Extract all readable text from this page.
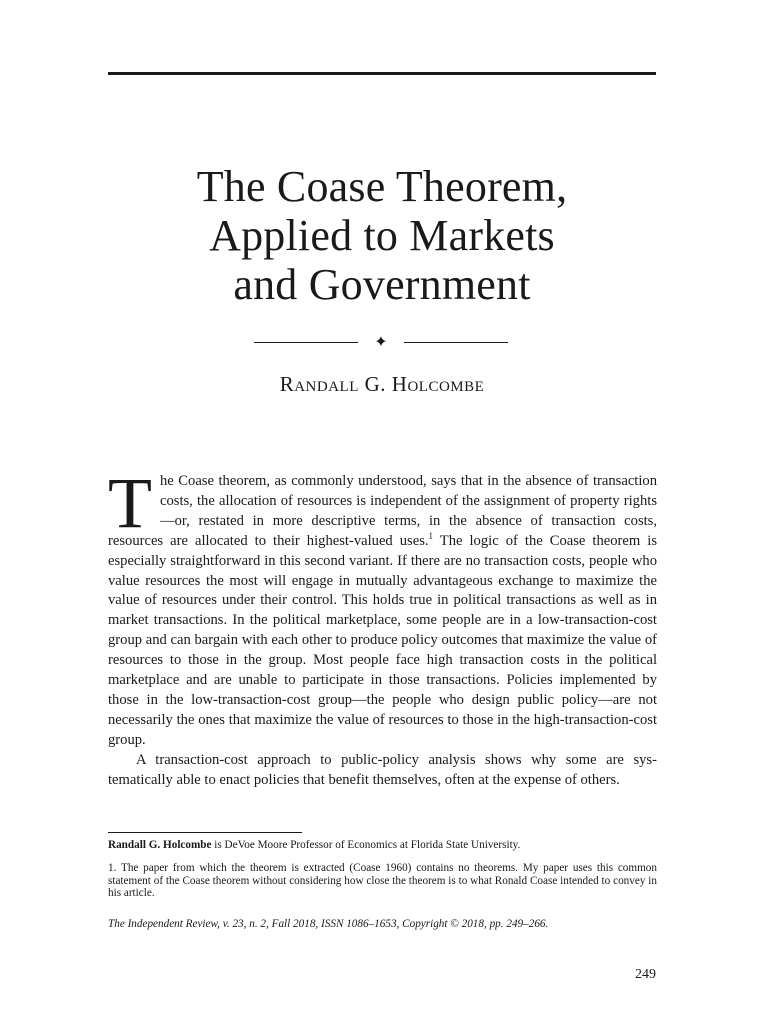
The Coase Theorem,
Applied to Markets
and Government
✦
Randall G. Holcombe

The Coase theorem, as commonly understood, says that in the absence of transaction costs, the allocation of resources is independent of the assignment of property rights—or, restated in more descriptive terms, in the absence of transaction costs, resources are allocated to their highest-valued uses.$^1$ The logic of the Coase theorem is especially straightforward in this second variant. If there are no transaction costs, people who value resources the most will engage in mutually advantageous exchange to maximize the value of resources under their control. This holds true in political transactions as well as in market transactions. In the political marketplace, some people are in a low-transaction-cost group and can bargain with each other to produce policy outcomes that maximize the value of resources to those in the group. Most people face high transaction costs in the political marketplace and are unable to participate in those transactions. Policies implemented by those in the low-transaction-cost group—the people who design public policy—are not necessarily the ones that maximize the value of resources to those in the high-transaction-cost group.

A transaction-cost approach to public-policy analysis shows why some are systematically able to enact policies that benefit themselves, often at the expense of others.

Randall G. Holcombe is DeVoe Moore Professor of Economics at Florida State University.
1. The paper from which the theorem is extracted (Coase 1960) contains no theorems. My paper uses this common statement of the Coase theorem without considering how close the theorem is to what Ronald Coase intended to convey in his article.
The Independent Review, v. 23, n. 2, Fall 2018, ISSN 1086–1653, Copyright © 2018, pp. 249–266.
249
